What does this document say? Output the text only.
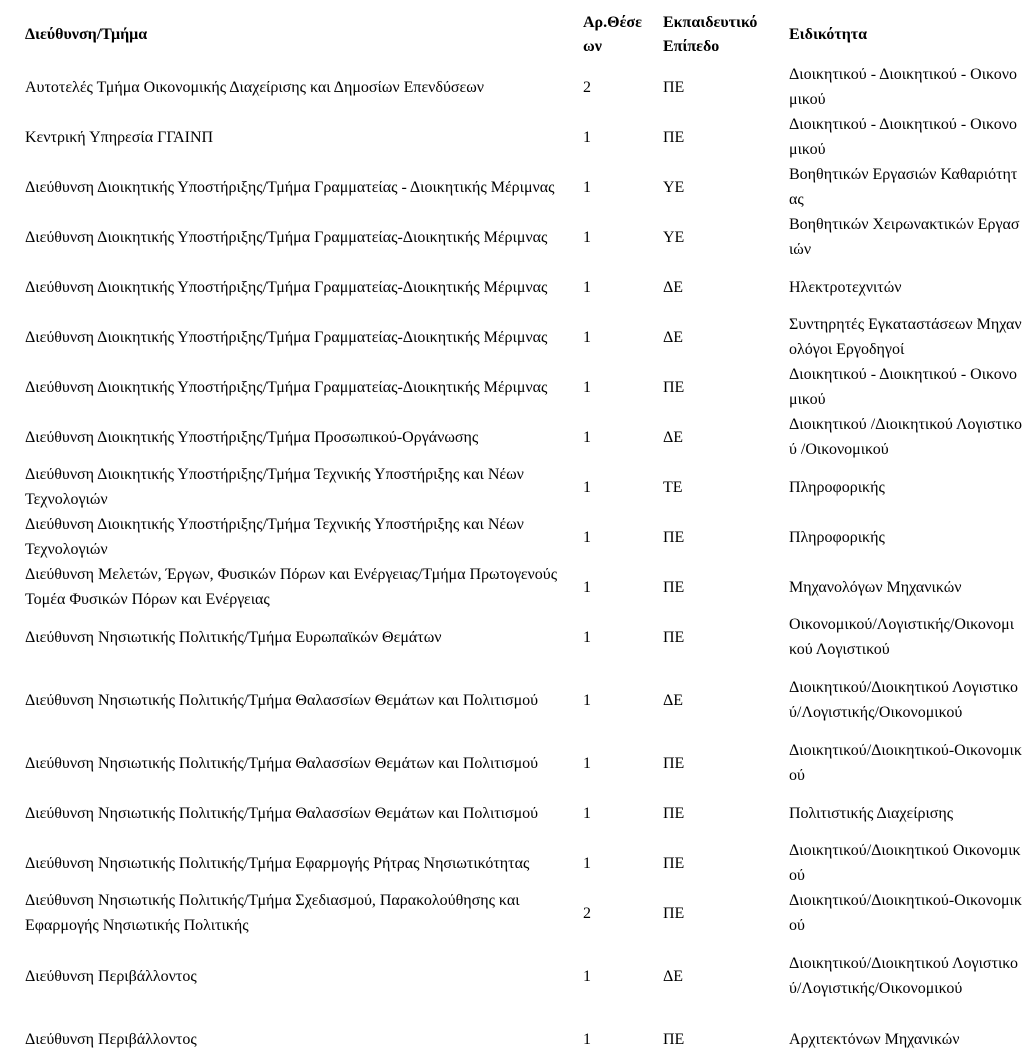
Διεύθυνση/Τμήμα	Αρ.Θέσε ων	Εκπαιδευτικό Επίπεδο	Ειδικότητα
Αυτοτελές Τμήμα Οικονομικής Διαχείρισης και Δημοσίων Επενδύσεων	2	ΠΕ	Διοικητικού - Διοικητικού - Οικονομικού
Κεντρική Υπηρεσία ΓΓΑΙΝΠ	1	ΠΕ	Διοικητικού - Διοικητικού - Οικονομικού
Διεύθυνση Διοικητικής Υποστήριξης/Τμήμα Γραμματείας - Διοικητικής Μέριμνας	1	ΥΕ	Βοηθητικών Εργασιών Καθαριότητας
Διεύθυνση Διοικητικής Υποστήριξης/Τμήμα Γραμματείας-Διοικητικής Μέριμνας	1	ΥΕ	Βοηθητικών Χειρωνακτικών Εργασιών
Διεύθυνση Διοικητικής Υποστήριξης/Τμήμα Γραμματείας-Διοικητικής Μέριμνας	1	ΔΕ	Ηλεκτροτεχνιτών
Διεύθυνση Διοικητικής Υποστήριξης/Τμήμα Γραμματείας-Διοικητικής Μέριμνας	1	ΔΕ	Συντηρητές Εγκαταστάσεων Μηχανολόγοι Εργοδηγοί
Διεύθυνση Διοικητικής Υποστήριξης/Τμήμα Γραμματείας-Διοικητικής Μέριμνας	1	ΠΕ	Διοικητικού - Διοικητικού - Οικονομικού
Διεύθυνση Διοικητικής Υποστήριξης/Τμήμα Προσωπικού-Οργάνωσης	1	ΔΕ	Διοικητικού /Διοικητικού Λογιστικού /Οικονομικού
Διεύθυνση Διοικητικής Υποστήριξης/Τμήμα Τεχνικής Υποστήριξης και Νέων Τεχνολογιών	1	ΤΕ	Πληροφορικής
Διεύθυνση Διοικητικής Υποστήριξης/Τμήμα Τεχνικής Υποστήριξης και Νέων Τεχνολογιών	1	ΠΕ	Πληροφορικής
Διεύθυνση Μελετών, Έργων, Φυσικών Πόρων και Ενέργειας/Τμήμα Πρωτογενούς Τομέα Φυσικών Πόρων και Ενέργειας	1	ΠΕ	Μηχανολόγων Μηχανικών
Διεύθυνση Νησιωτικής Πολιτικής/Τμήμα Ευρωπαϊκών Θεμάτων	1	ΠΕ	Οικονομικού/Λογιστικής/Οικονομικού Λογιστικού
Διεύθυνση Νησιωτικής Πολιτικής/Τμήμα Θαλασσίων Θεμάτων και Πολιτισμού	1	ΔΕ	Διοικητικού/Διοικητικού Λογιστικού/Λογιστικής/Οικονομικού
Διεύθυνση Νησιωτικής Πολιτικής/Τμήμα Θαλασσίων Θεμάτων και Πολιτισμού	1	ΠΕ	Διοικητικού/Διοικητικού-Οικονομικού
Διεύθυνση Νησιωτικής Πολιτικής/Τμήμα Θαλασσίων Θεμάτων και Πολιτισμού	1	ΠΕ	Πολιτιστικής Διαχείρισης
Διεύθυνση Νησιωτικής Πολιτικής/Τμήμα Εφαρμογής Ρήτρας Νησιωτικότητας	1	ΠΕ	Διοικητικού/Διοικητικού Οικονομικού
Διεύθυνση Νησιωτικής Πολιτικής/Τμήμα Σχεδιασμού, Παρακολούθησης και Εφαρμογής Νησιωτικής Πολιτικής	2	ΠΕ	Διοικητικού/Διοικητικού-Οικονομικού
Διεύθυνση Περιβάλλοντος	1	ΔΕ	Διοικητικού/Διοικητικού Λογιστικού/Λογιστικής/Οικονομικού
Διεύθυνση Περιβάλλοντος	1	ΠΕ	Αρχιτεκτόνων Μηχανικών
